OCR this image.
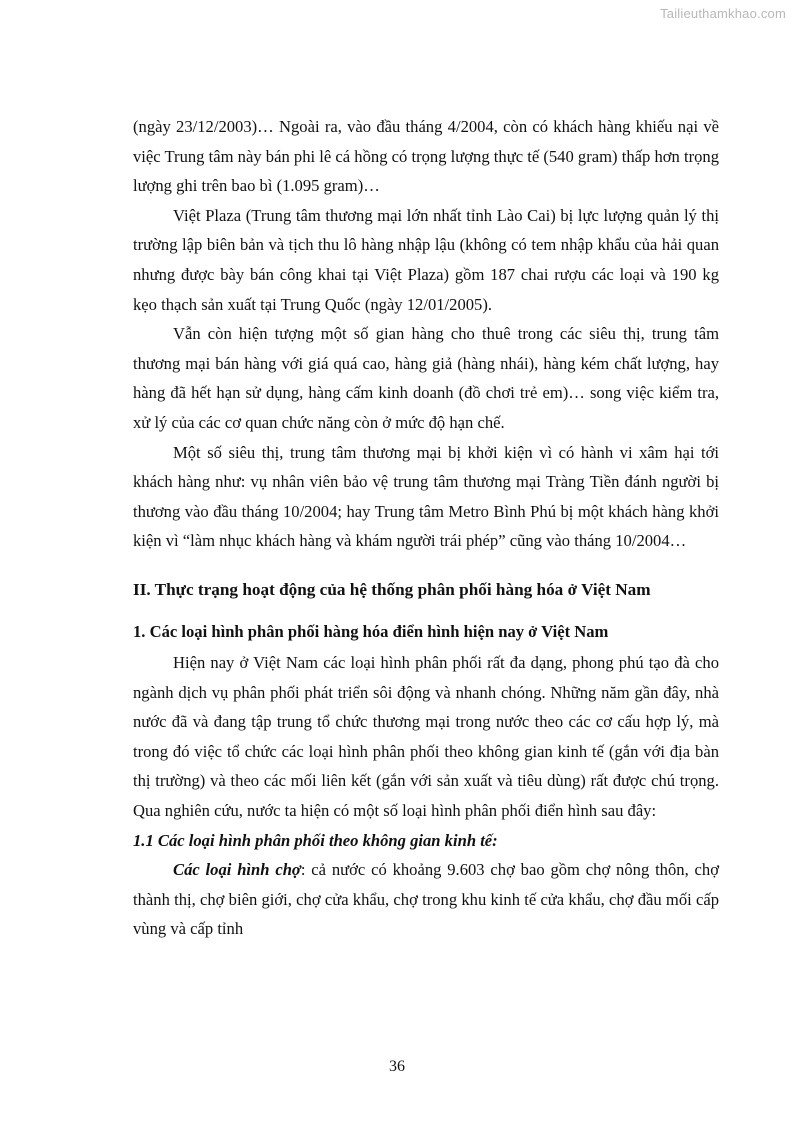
Tailieuthamkhao.com

(ngày 23/12/2003)… Ngoài ra, vào đầu tháng 4/2004, còn có khách hàng khiếu nại về việc Trung tâm này bán phi lê cá hồng có trọng lượng thực tế (540 gram) thấp hơn trọng lượng ghi trên bao bì (1.095 gram)…

Việt Plaza (Trung tâm thương mại lớn nhất tỉnh Lào Cai) bị lực lượng quản lý thị trường lập biên bản và tịch thu lô hàng nhập lậu (không có tem nhập khẩu của hải quan nhưng được bày bán công khai tại Việt Plaza) gồm 187 chai rượu các loại và 190 kg kẹo thạch sản xuất tại Trung Quốc (ngày 12/01/2005).

Vẫn còn hiện tượng một số gian hàng cho thuê trong các siêu thị, trung tâm thương mại bán hàng với giá quá cao, hàng giả (hàng nhái), hàng kém chất lượng, hay hàng đã hết hạn sử dụng, hàng cấm kinh doanh (đồ chơi trẻ em)… song việc kiểm tra, xử lý của các cơ quan chức năng còn ở mức độ hạn chế.

Một số siêu thị, trung tâm thương mại bị khởi kiện vì có hành vi xâm hại tới khách hàng như: vụ nhân viên bảo vệ trung tâm thương mại Tràng Tiền đánh người bị thương vào đầu tháng 10/2004; hay Trung tâm Metro Bình Phú bị một khách hàng khởi kiện vì “làm nhục khách hàng và khám người trái phép” cũng vào tháng 10/2004…

II. Thực trạng hoạt động của hệ thống phân phối hàng hóa ở Việt Nam

1. Các loại hình phân phối hàng hóa điển hình hiện nay ở Việt Nam

Hiện nay ở Việt Nam các loại hình phân phối rất đa dạng, phong phú tạo đà cho ngành dịch vụ phân phối phát triển sôi động và nhanh chóng. Những năm gần đây, nhà nước đã và đang tập trung tổ chức thương mại trong nước theo các cơ cấu hợp lý, mà trong đó việc tổ chức các loại hình phân phối theo không gian kinh tế (gắn với địa bàn thị trường) và theo các mối liên kết (gắn với sản xuất và tiêu dùng) rất được chú trọng. Qua nghiên cứu, nước ta hiện có một số loại hình phân phối điển hình sau đây:

1.1 Các loại hình phân phối theo không gian kinh tế:

Các loại hình chợ: cả nước có khoảng 9.603 chợ bao gồm chợ nông thôn, chợ thành thị, chợ biên giới, chợ cửa khẩu, chợ trong khu kinh tế cửa khẩu, chợ đầu mối cấp vùng và cấp tỉnh

36
